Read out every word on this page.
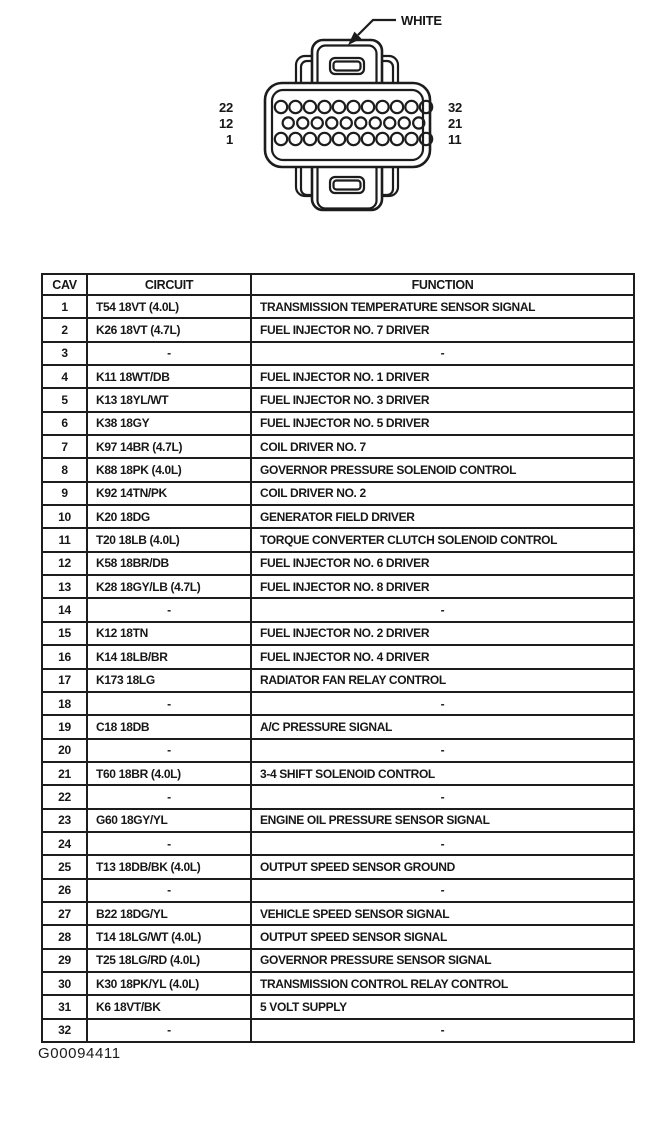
WHITE
22
12
1
32
21
11
CAV	CIRCUIT	FUNCTION
1	T54 18VT (4.0L)	TRANSMISSION TEMPERATURE SENSOR SIGNAL
2	K26 18VT (4.7L)	FUEL INJECTOR NO. 7 DRIVER
3	-	-
4	K11 18WT/DB	FUEL INJECTOR NO. 1 DRIVER
5	K13 18YL/WT	FUEL INJECTOR NO. 3 DRIVER
6	K38 18GY	FUEL INJECTOR NO. 5 DRIVER
7	K97 14BR (4.7L)	COIL DRIVER NO. 7
8	K88 18PK (4.0L)	GOVERNOR PRESSURE SOLENOID CONTROL
9	K92 14TN/PK	COIL DRIVER NO. 2
10	K20 18DG	GENERATOR FIELD DRIVER
11	T20 18LB (4.0L)	TORQUE CONVERTER CLUTCH SOLENOID CONTROL
12	K58 18BR/DB	FUEL INJECTOR NO. 6 DRIVER
13	K28 18GY/LB (4.7L)	FUEL INJECTOR NO. 8 DRIVER
14	-	-
15	K12 18TN	FUEL INJECTOR NO. 2 DRIVER
16	K14 18LB/BR	FUEL INJECTOR NO. 4 DRIVER
17	K173 18LG	RADIATOR FAN RELAY CONTROL
18	-	-
19	C18 18DB	A/C PRESSURE SIGNAL
20	-	-
21	T60 18BR (4.0L)	3-4 SHIFT SOLENOID CONTROL
22	-	-
23	G60 18GY/YL	ENGINE OIL PRESSURE SENSOR SIGNAL
24	-	-
25	T13 18DB/BK (4.0L)	OUTPUT SPEED SENSOR GROUND
26	-	-
27	B22 18DG/YL	VEHICLE SPEED SENSOR SIGNAL
28	T14 18LG/WT (4.0L)	OUTPUT SPEED SENSOR SIGNAL
29	T25 18LG/RD (4.0L)	GOVERNOR PRESSURE SENSOR SIGNAL
30	K30 18PK/YL (4.0L)	TRANSMISSION CONTROL RELAY CONTROL
31	K6 18VT/BK	5 VOLT SUPPLY
32	-	-
G00094411
